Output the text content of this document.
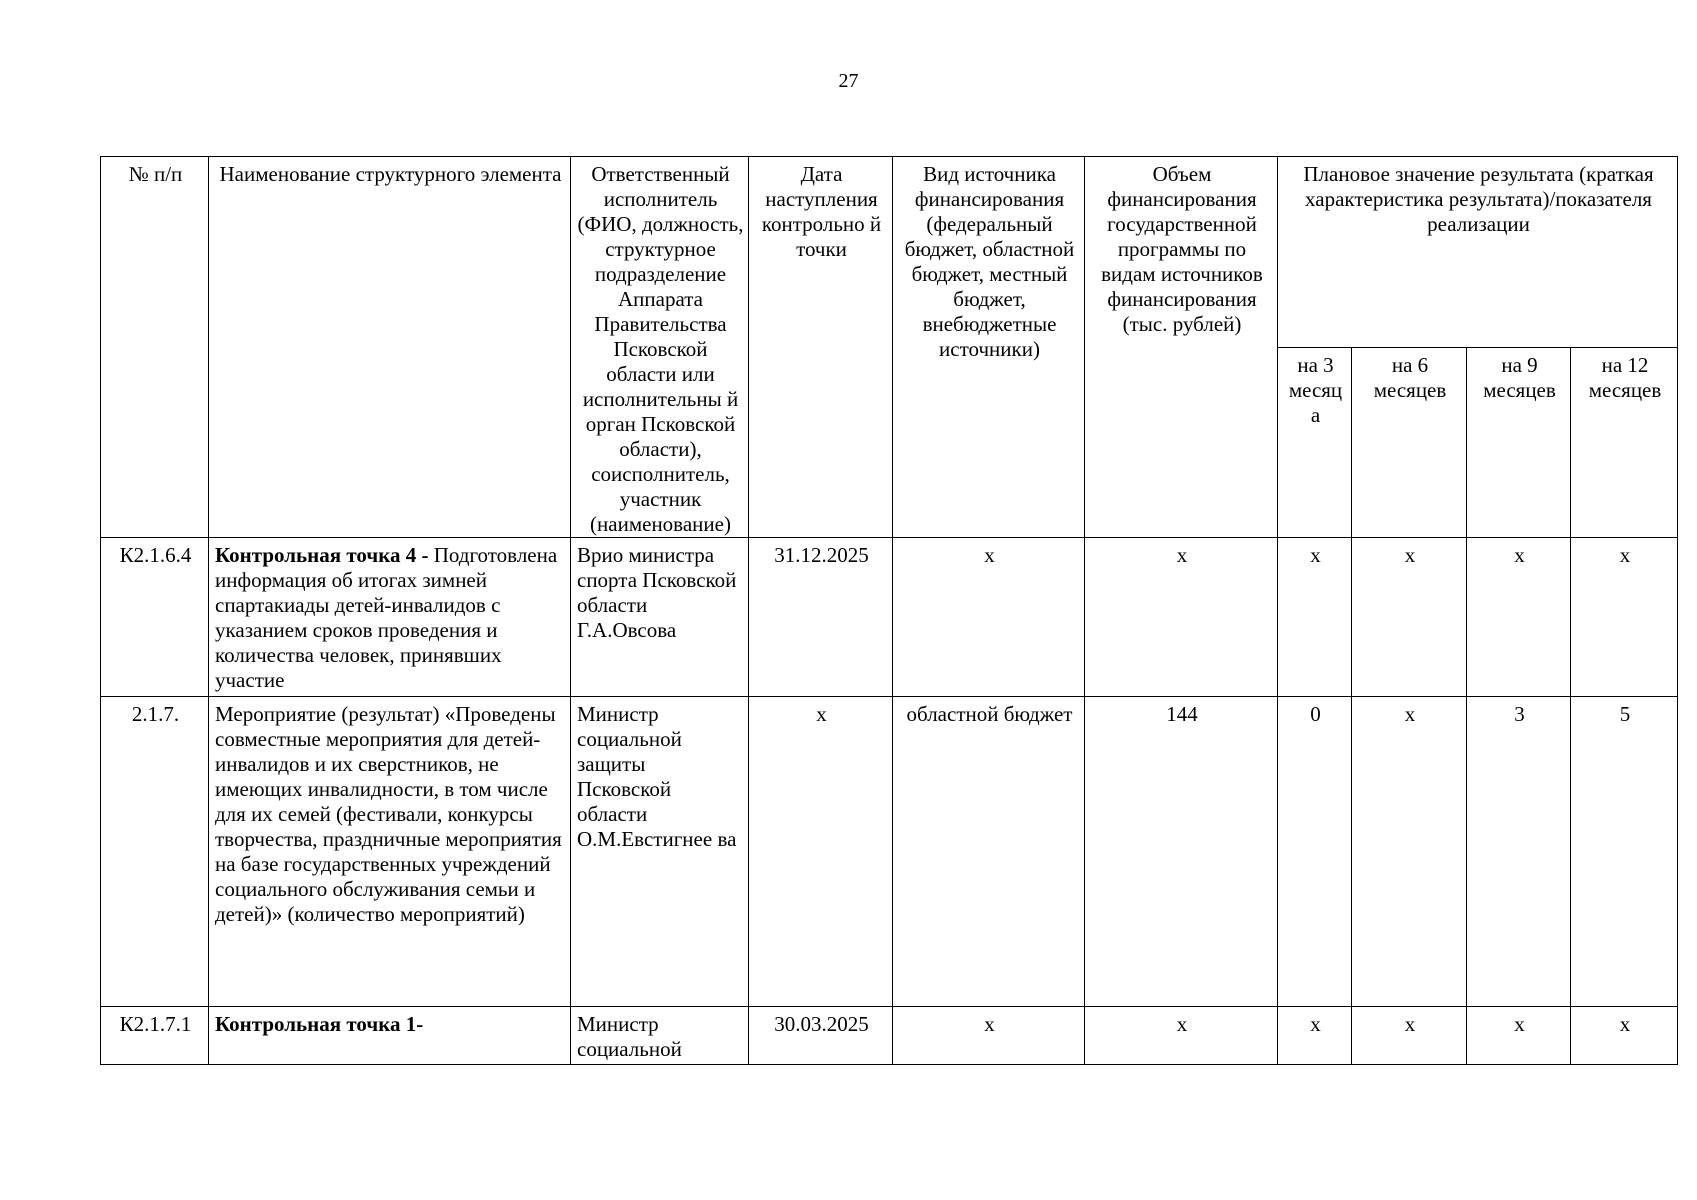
27
№ п/п	Наименование структурного элемента	Ответственный исполнитель (ФИО, должность, структурное подразделение Аппарата Правительства Псковской области или исполнительны й орган Псковской области), соисполнитель, участник (наименование)	Дата наступления контрольно й точки	Вид источника финансирования (федеральный бюджет, областной бюджет, местный бюджет, внебюджетные источники)	Объем финансирования государственной программы по видам источников финансирования (тыс. рублей)	Плановое значение результата (краткая характеристика результата)/показателя реализации			
						на 3 месяц а	на 6 месяцев	на 9 месяцев	на 12 месяцев
К2.1.6.4	Контрольная точка 4 - Подготовлена информация об итогах зимней спартакиады детей-инвалидов с указанием сроков проведения и количества человек, принявших участие	Врио министра спорта Псковской области Г.А.Овсова	31.12.2025	х	х	х	х	х	х
2.1.7.	Мероприятие (результат) «Проведены совместные мероприятия для детей-инвалидов и их сверстников, не имеющих инвалидности, в том числе для их семей (фестивали, конкурсы творчества, праздничные мероприятия на базе государственных учреждений социального обслуживания семьи и детей)» (количество мероприятий)	Министр социальной защиты Псковской области О.М.Евстигнее ва	х	областной бюджет	144	0	х	3	5
К2.1.7.1	Контрольная точка 1-	Министр социальной	30.03.2025	х	х	х	х	х	х
